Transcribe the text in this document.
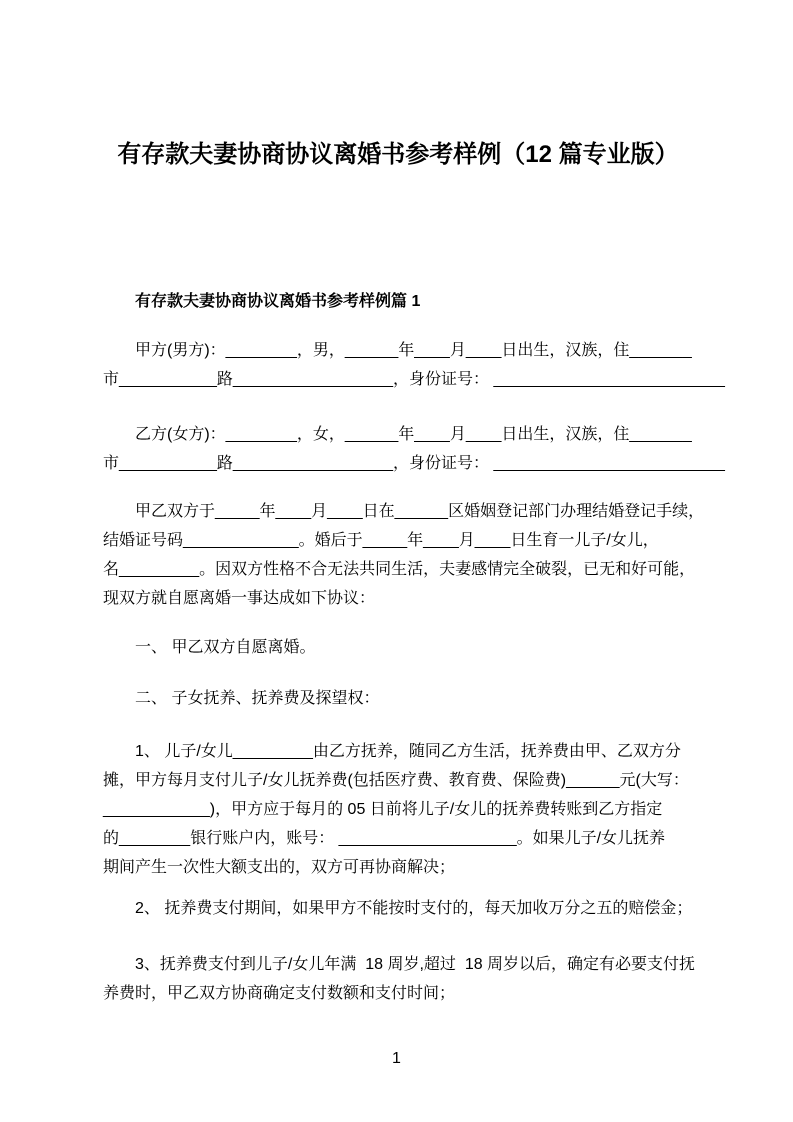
有存款夫妻协商协议离婚书参考样例（12 篇专业版）
有存款夫妻协商协议离婚书参考样例篇 1
甲方(男方)：________，男，______年____月____日出生，汉族，住_______
市___________路__________________，身份证号： __________________________
乙方(女方)：________，女，______年____月____日出生，汉族，住_______
市___________路__________________，身份证号： __________________________
甲乙双方于_____年____月____日在______区婚姻登记部门办理结婚登记手续，
结婚证号码_____________。婚后于_____年____月____日生育一儿子/女儿，
名_________。因双方性格不合无法共同生活，夫妻感情完全破裂，已无和好可能，
现双方就自愿离婚一事达成如下协议：
一、 甲乙双方自愿离婚。
二、 子女抚养、抚养费及探望权：
1、 儿子/女儿_________由乙方抚养，随同乙方生活，抚养费由甲、乙双方分
摊，甲方每月支付儿子/女儿抚养费(包括医疗费、教育费、保险费)______元(大写：
____________)，甲方应于每月的 05 日前将儿子/女儿的抚养费转账到乙方指定
的________银行账户内，账号： ____________________。如果儿子/女儿抚养
期间产生一次性大额支出的，双方可再协商解决；
2、 抚养费支付期间，如果甲方不能按时支付的，每天加收万分之五的赔偿金；
3、抚养费支付到儿子/女儿年满  18 周岁,超过  18 周岁以后，确定有必要支付抚
养费时，甲乙双方协商确定支付数额和支付时间；
1
